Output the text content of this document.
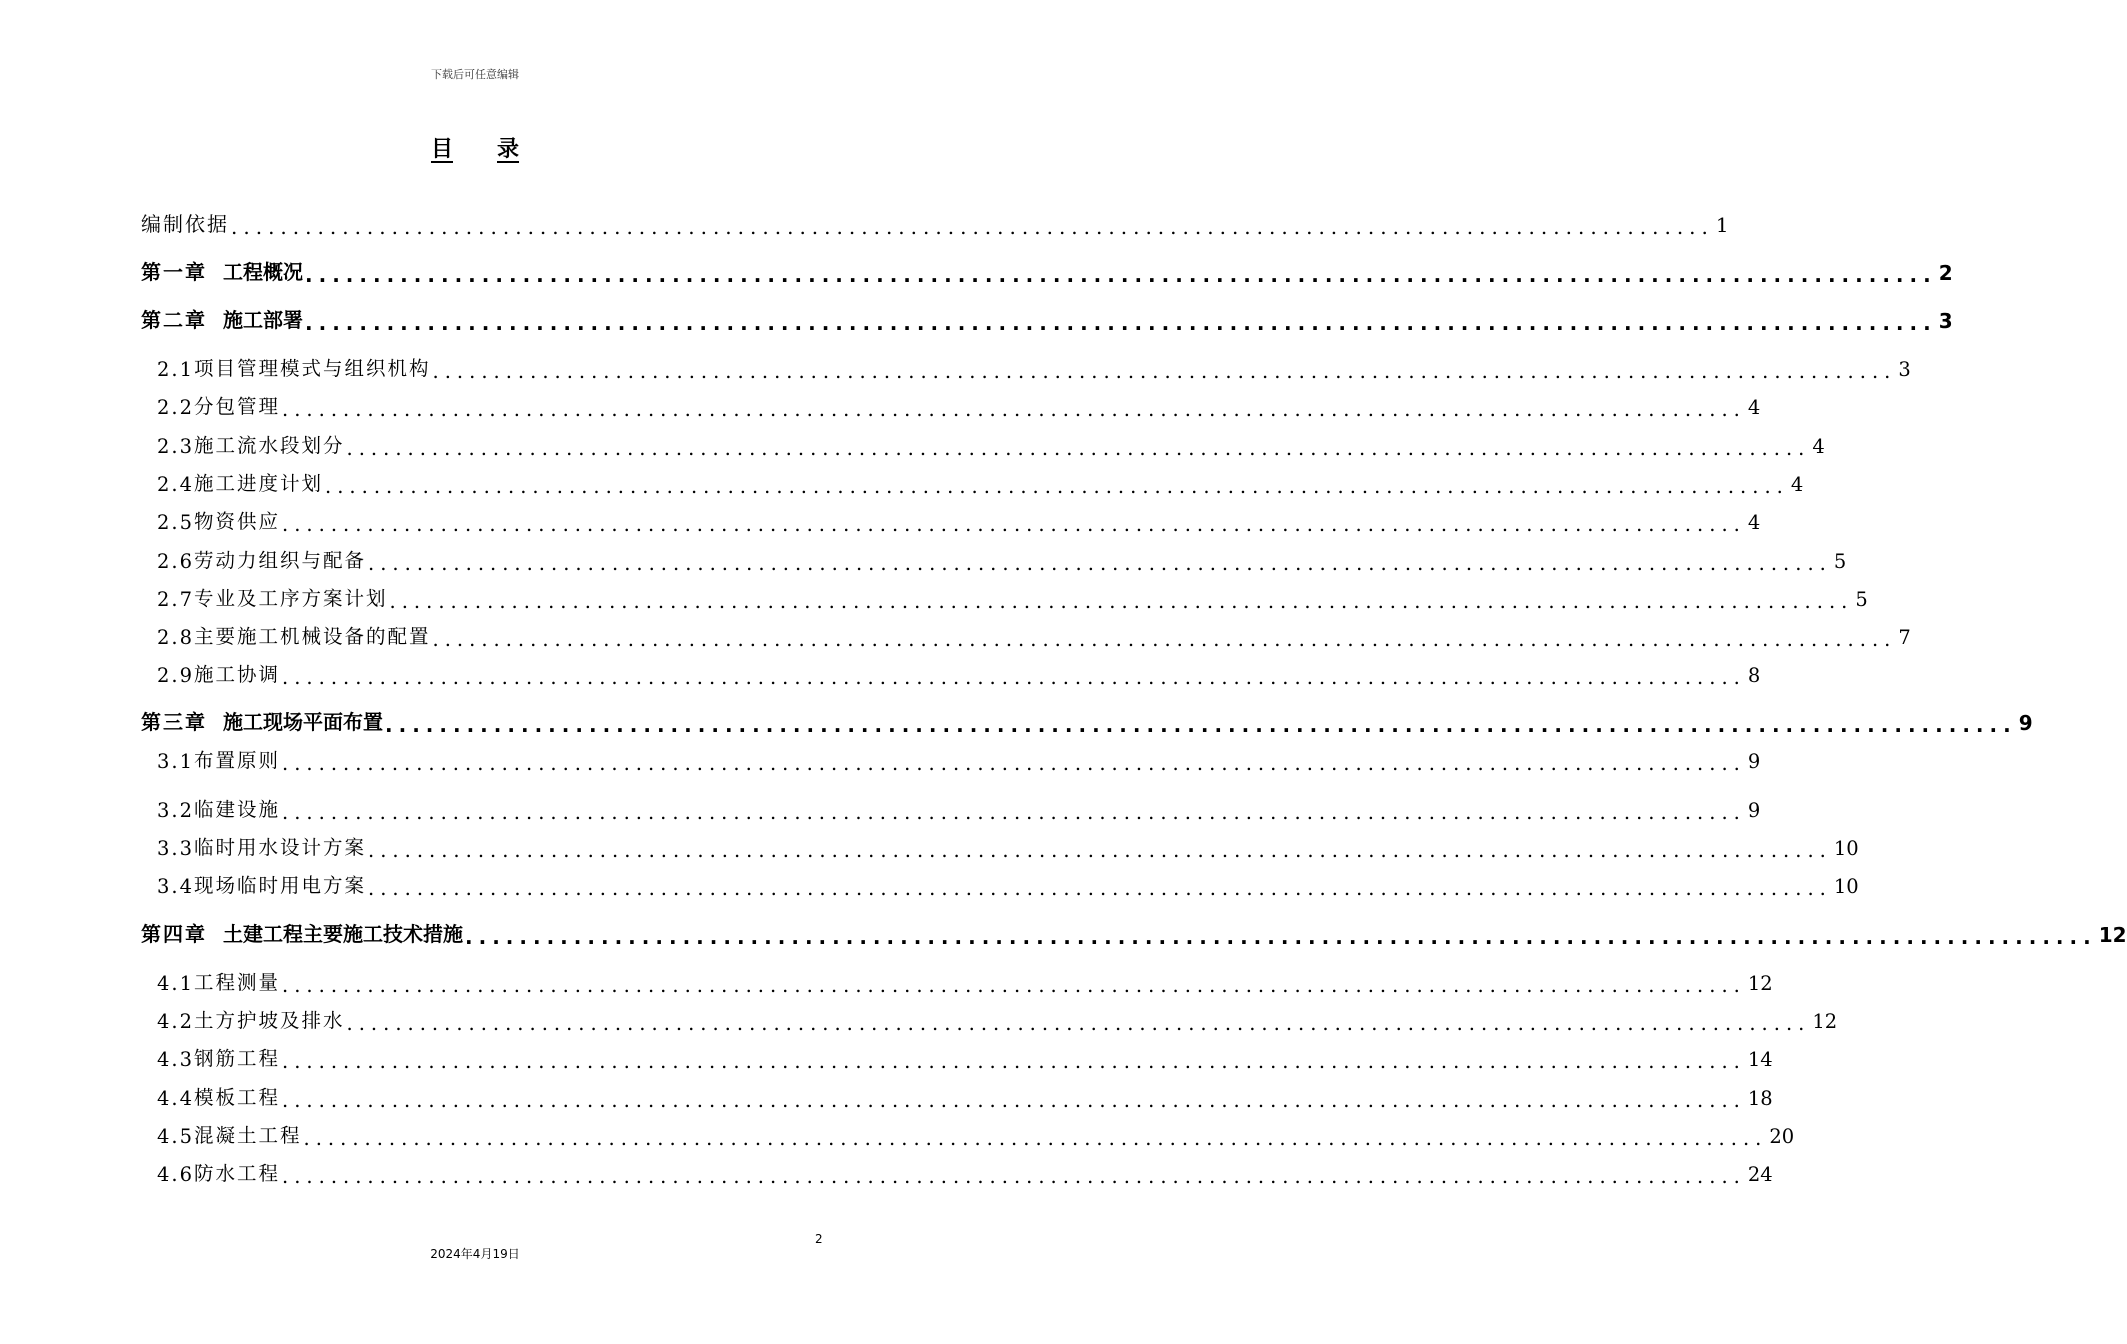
下载后可任意编辑
目 录
编制依据 ........................................................................................................................ 1
第一章 工程概况 ........................................................................................................................ 2
第二章 施工部署 ........................................................................................................................ 3
2.1 项目管理模式与组织机构 ........................................................................................................................ 3
2.2 分包管理 ........................................................................................................................ 4
2.3 施工流水段划分 ........................................................................................................................ 4
2.4 施工进度计划 ........................................................................................................................ 4
2.5 物资供应 ........................................................................................................................ 4
2.6 劳动力组织与配备 ........................................................................................................................ 5
2.7 专业及工序方案计划 ........................................................................................................................ 5
2.8 主要施工机械设备的配置 ........................................................................................................................ 7
2.9 施工协调 ........................................................................................................................ 8
第三章 施工现场平面布置 ........................................................................................................................ 9
3.1 布置原则 ........................................................................................................................ 9
3.2 临建设施 ........................................................................................................................ 9
3.3 临时用水设计方案 ........................................................................................................................ 10
3.4 现场临时用电方案 ........................................................................................................................ 10
第四章 土建工程主要施工技术措施 ........................................................................................................................ 12
4.1 工程测量 ........................................................................................................................ 12
4.2 土方护坡及排水 ........................................................................................................................ 12
4.3 钢筋工程 ........................................................................................................................ 14
4.4 模板工程 ........................................................................................................................ 18
4.5 混凝土工程 ........................................................................................................................ 20
4.6 防水工程 ........................................................................................................................ 24
2
2024年4月19日
